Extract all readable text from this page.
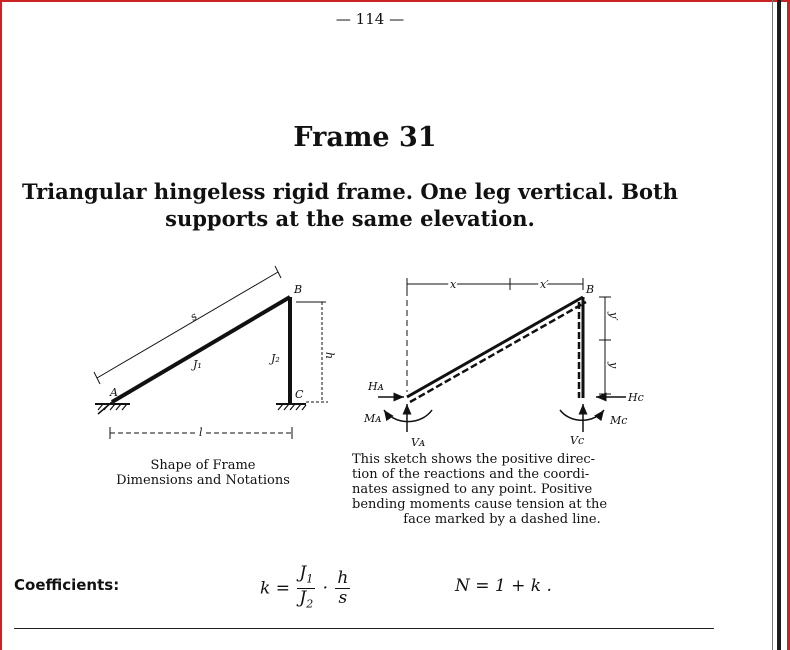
— 114 —
Frame 31
Triangular hingeless rigid frame. One leg vertical. Both
supports at the same elevation.
A
B
C
s
J₁	J₂	h
l
x	x′	B
y′
y
Hᴀ
Mᴀ
Vᴀ
Hc
Mc
Vc
Shape of Frame
Dimensions and Notations
This sketch shows the positive direc-
tion of the reactions and the coordi-
nates assigned to any point. Positive
bending moments cause tension at the
face marked by a dashed line.
Coefficients:	$k = \frac{J_1}{J_2} \cdot \frac{h}{s}$	N = 1 + k .
